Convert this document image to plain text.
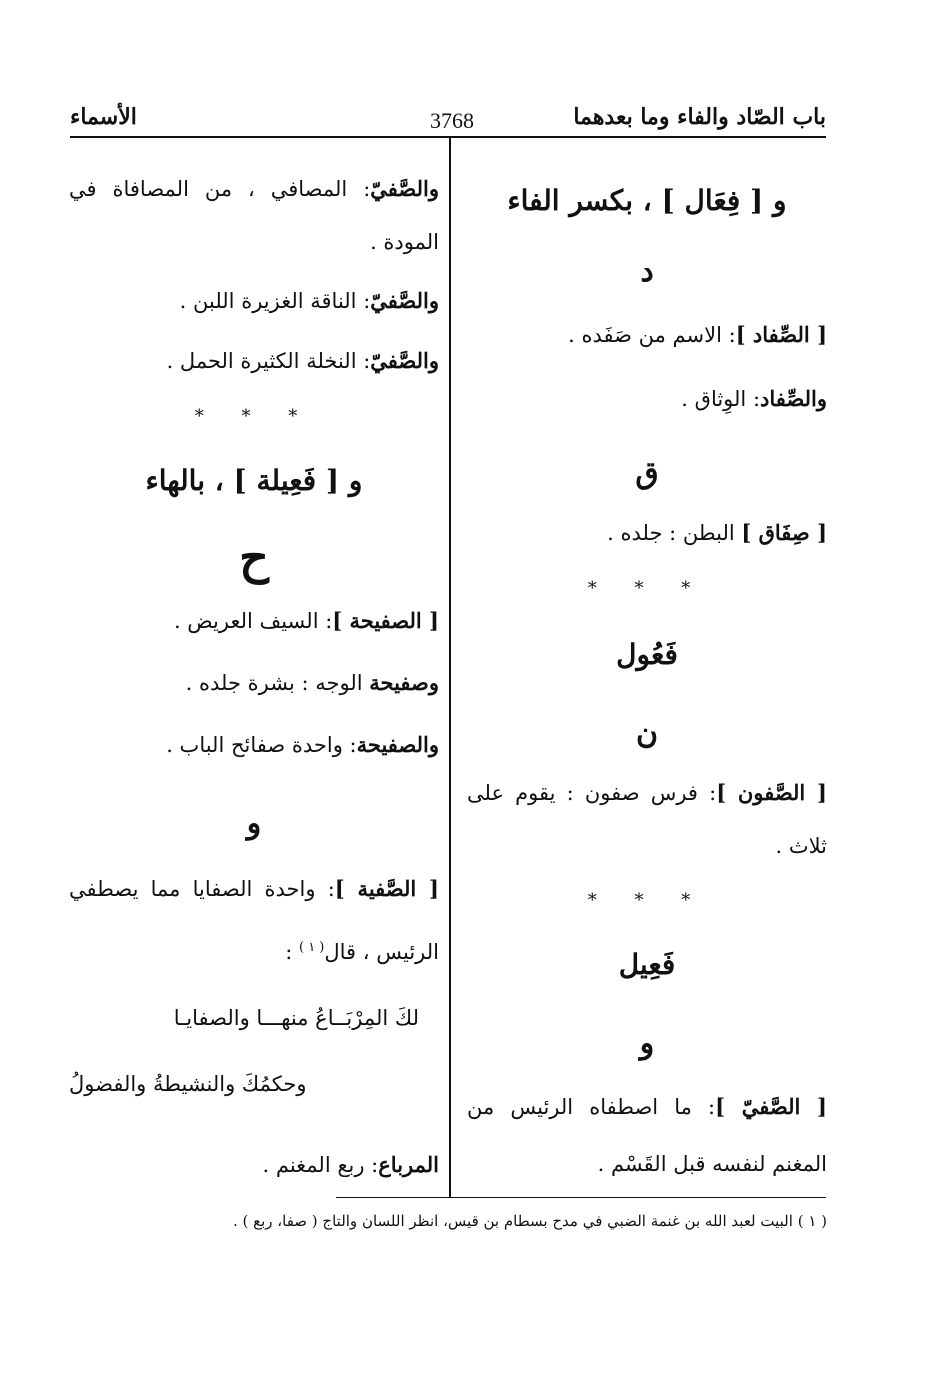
باب الصّاد والفاء وما بعدهما
3768
الأسماء
و [ فِعَال ] ، بكسر الفاء
د
[ الصِّفاد ]: الاسم من صَفَده .
والصِّفاد: الوِثاق .
ق
[ صِفَاق ] البطن : جلده .
* * *
فَعُول
ن
[ الصَّفون ]: فرس صفون : يقوم على
ثلاث .
* * *
فَعِيل
و
[ الصَّفيّ ]: ما اصطفاه الرئيس من
المغنم لنفسه قبل القَسْم .
والصَّفيّ: المصافي ، من المصافاة في
المودة .
والصَّفيّ: الناقة الغزيرة اللبن .
والصَّفيّ: النخلة الكثيرة الحمل .
* * *
و [ فَعِيلة ] ، بالهاء
ح
[ الصفيحة ]: السيف العريض .
وصفيحة الوجه : بشرة جلده .
والصفيحة: واحدة صفائح الباب .
و
[ الصَّفية ]: واحدة الصفايا مما يصطفي
الرئيس ، قال$^{( ١ )}$ :
لكَ المِرْبَــاعُ منهـــا والصفايـا
وحكمُكَ والنشيطةُ والفضولُ
المرباع: ربع المغنم .
( ١ ) البيت لعبد الله بن غنمة الضبي في مدح بسطام بن قيس، انظر اللسان والتاج ( صفا، ربع ) .
